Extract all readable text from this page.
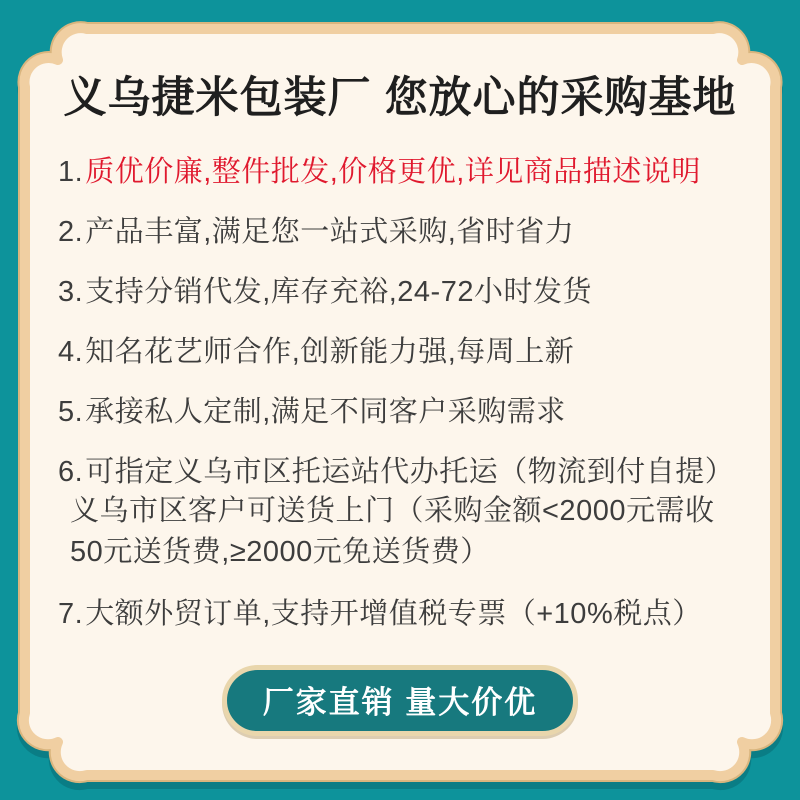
义乌捷米包装厂 您放心的采购基地
1. 质优价廉,整件批发,价格更优,详见商品描述说明
2. 产品丰富,满足您一站式采购,省时省力
3. 支持分销代发,库存充裕,24-72小时发货
4. 知名花艺师合作,创新能力强,每周上新
5. 承接私人定制,满足不同客户采购需求
6.可指定义乌市区托运站代办托运（物流到付自提）
义乌市区客户可送货上门（采购金额<2000元需收
50元送货费,≥2000元免送货费）
7. 大额外贸订单,支持开增值税专票（+10%税点）
厂家直销 量大价优
